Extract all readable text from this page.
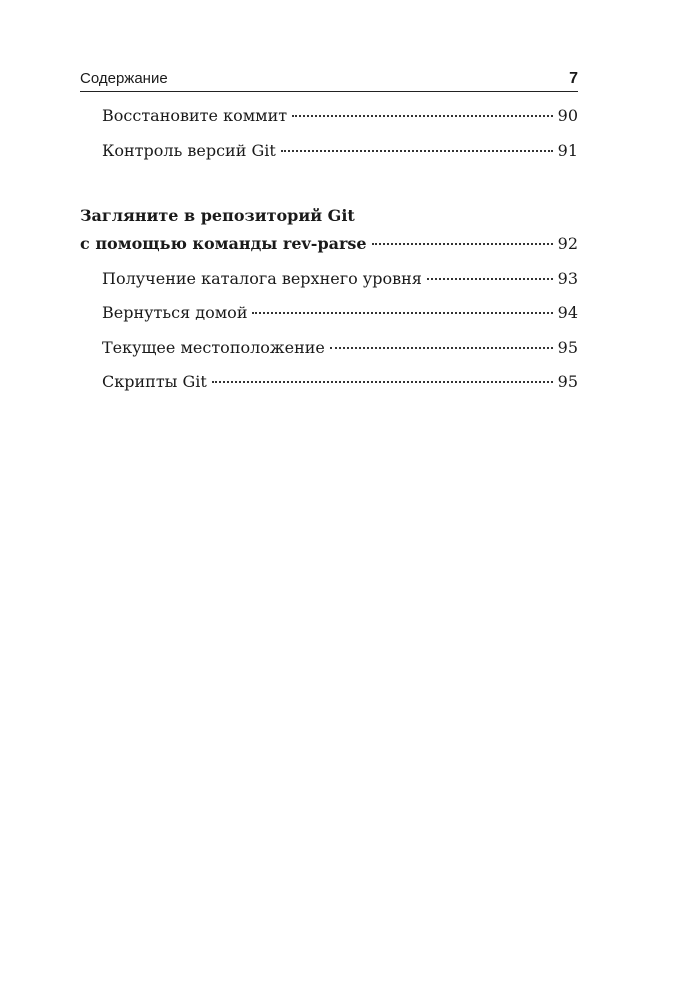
Содержание	7
Восстановите коммит	90
Контроль версий Git	91
Загляните в репозиторий Git
с помощью команды rev-parse	92
Получение каталога верхнего уровня	93
Вернуться домой	94
Текущее местоположение	95
Скрипты Git	95
